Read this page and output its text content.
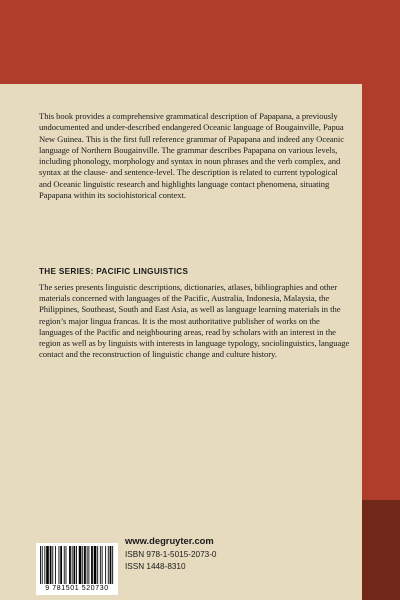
This book provides a comprehensive grammatical description of Papapana, a previously undocumented and under-described endangered Oceanic language of Bougainville, Papua New Guinea. This is the first full reference grammar of Papapana and indeed any Oceanic language of Northern Bougainville. The grammar describes Papapana on various levels, including phonology, morphology and syntax in noun phrases and the verb complex, and syntax at the clause- and sentence-level. The description is related to current typological and Oceanic linguistic research and highlights language contact phenomena, situating Papapana within its sociohistorical context.

THE SERIES: PACIFIC LINGUISTICS

The series presents linguistic descriptions, dictionaries, atlases, bibliographies and other materials concerned with languages of the Pacific, Australia, Indonesia, Malaysia, the Philippines, Southeast, South and East Asia, as well as language learning materials in the region’s major lingua francas. It is the most authoritative publisher of works on the languages of the Pacific and neighbouring areas, read by scholars with an interest in the region as well as by linguists with interests in language typology, sociolinguistics, language contact and the reconstruction of linguistic change and culture history.

9 781501 520730

www.degruyter.com

ISBN 978-1-5015-2073-0

ISSN 1448-8310
